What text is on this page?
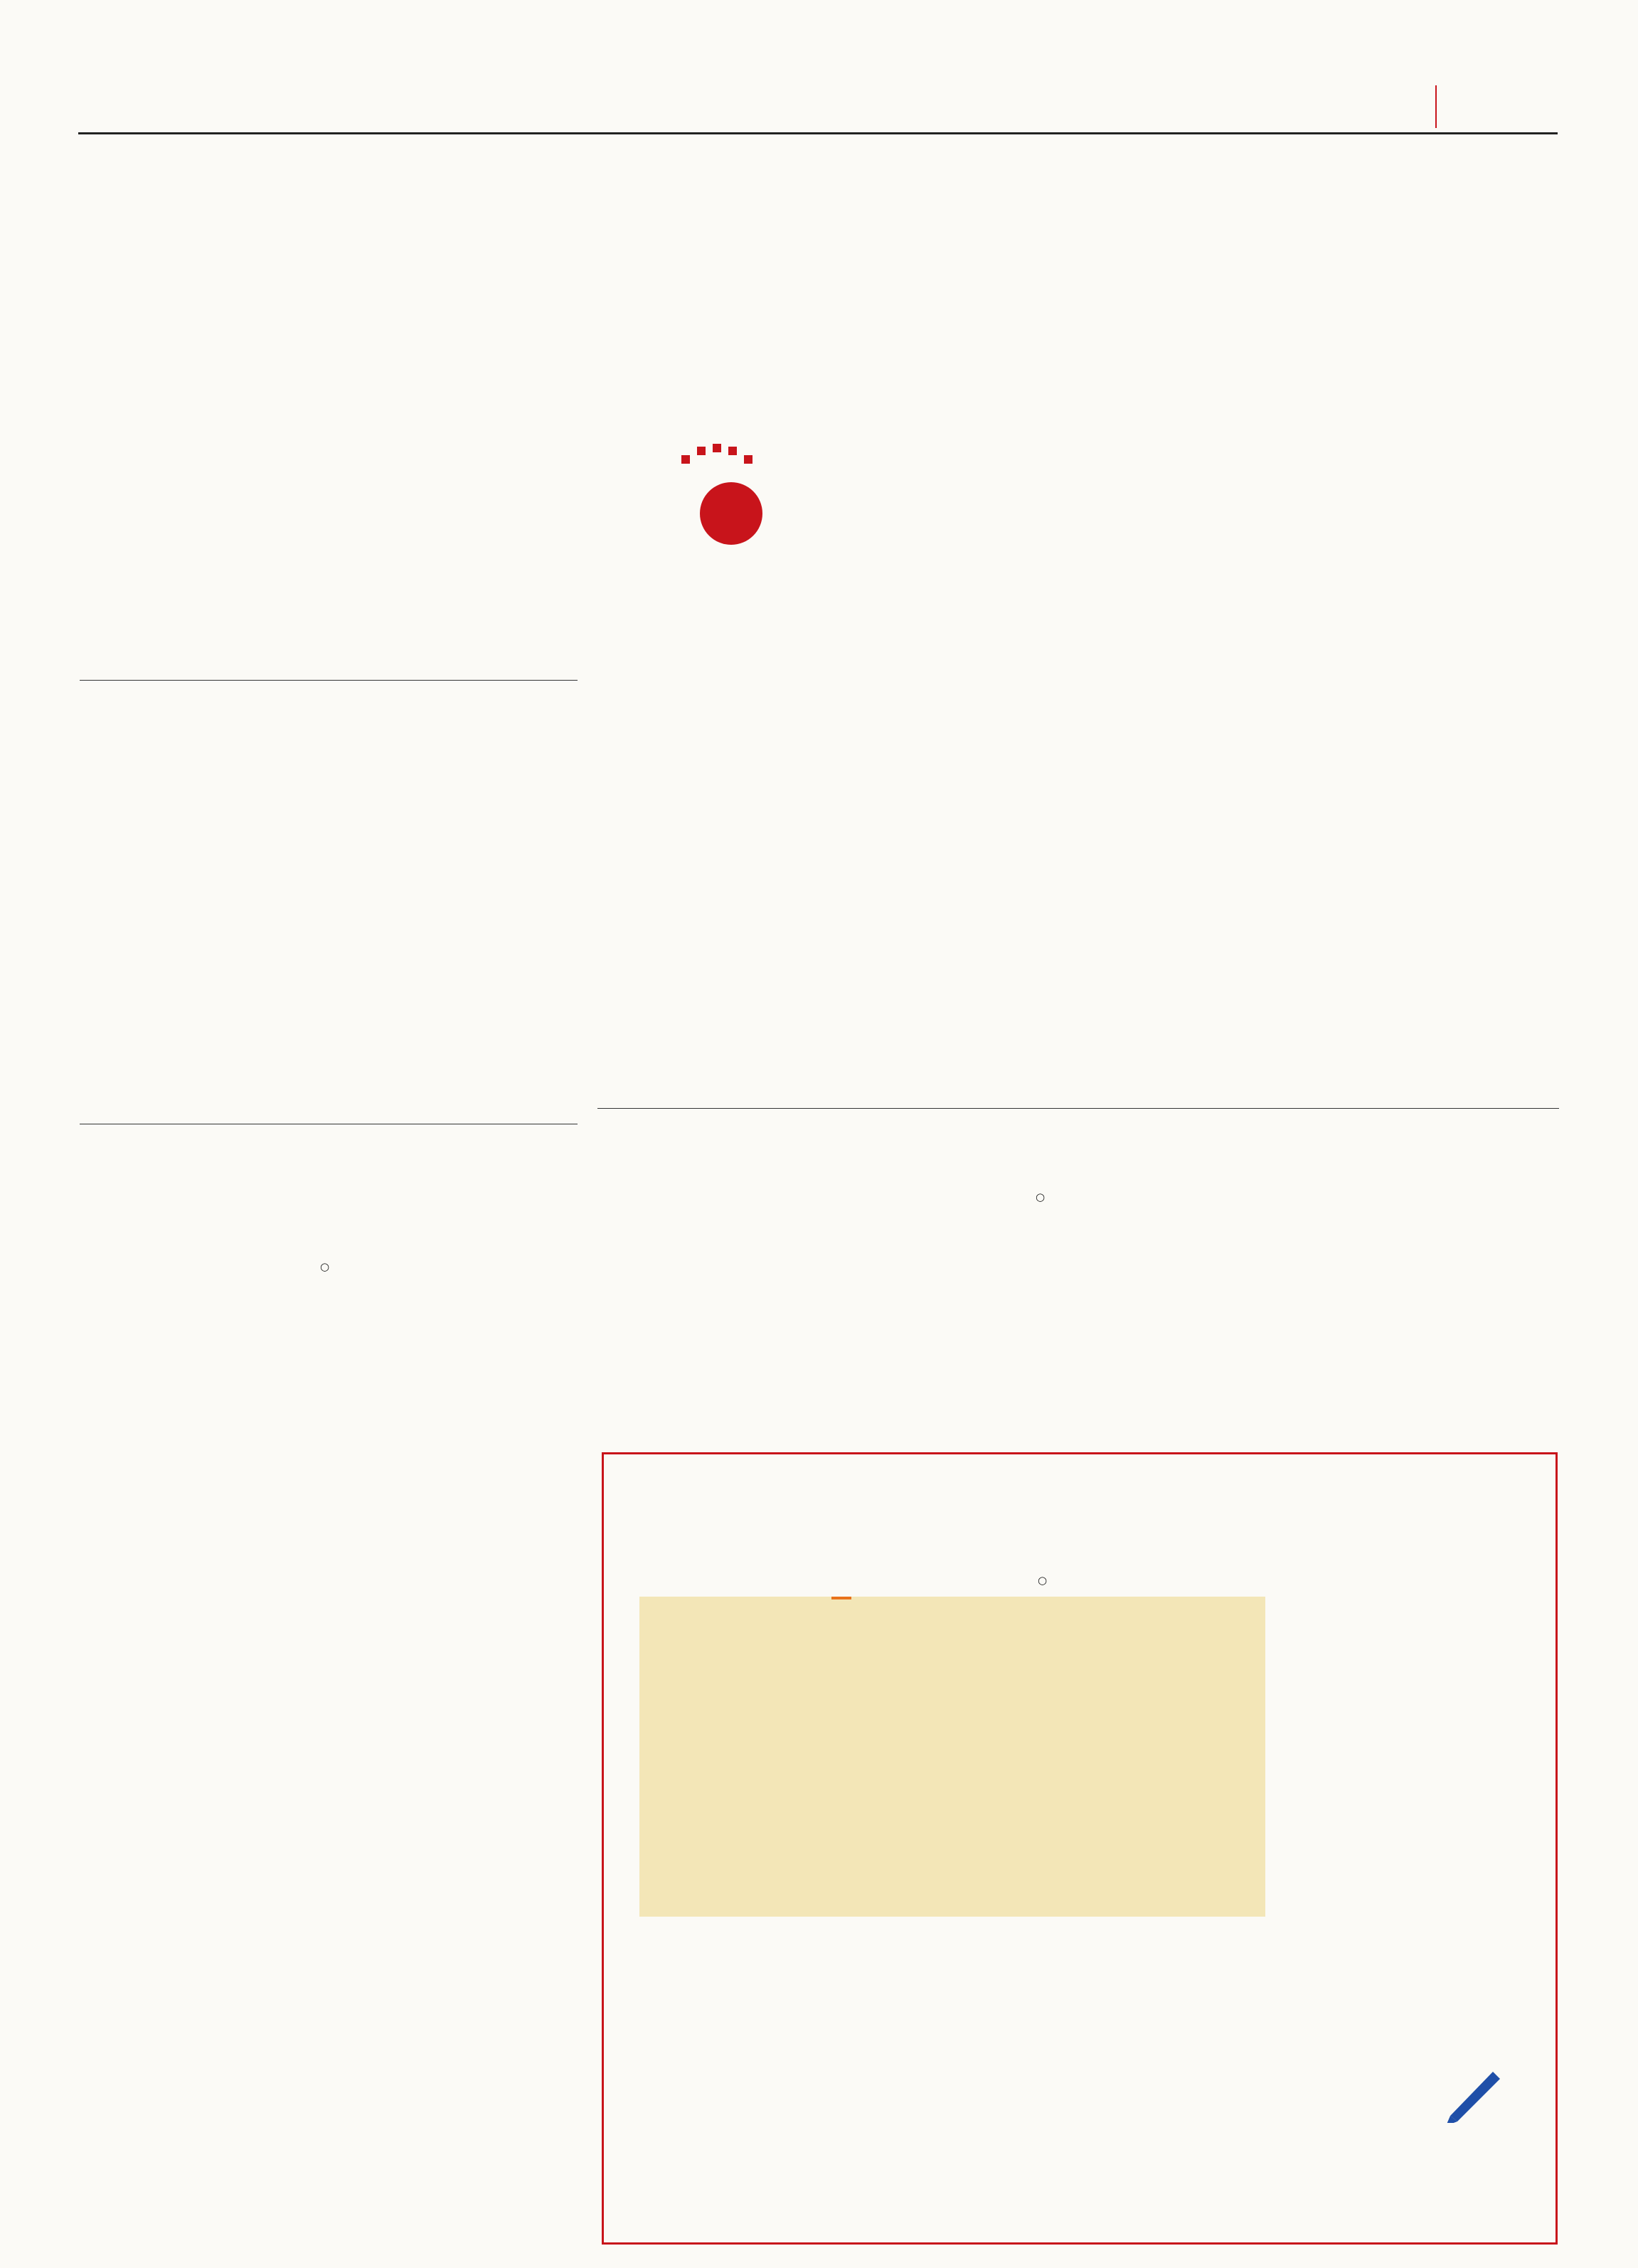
○

○

○
